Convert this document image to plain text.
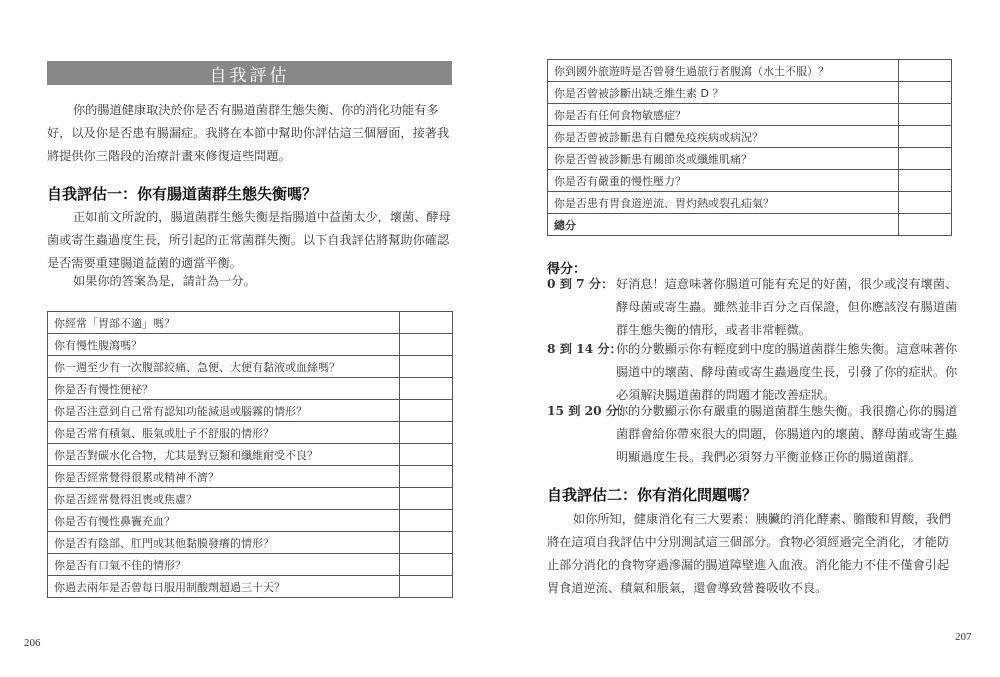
自我評估

你的腸道健康取決於你是否有腸道菌群生態失衡、你的消化功能有多好，以及你是否患有腸漏症。我將在本節中幫助你評估這三個層面，接著我將提供你三階段的治療計畫來修復這些問題。

自我評估一：你有腸道菌群生態失衡嗎？

正如前文所說的，腸道菌群生態失衡是指腸道中益菌太少，壞菌、酵母菌或寄生蟲過度生長，所引起的正常菌群失衡。以下自我評估將幫助你確認是否需要重建腸道益菌的適當平衡。

如果你的答案為是，請計為一分。

你經常「胃部不適」嗎？	
你有慢性腹瀉嗎？	
你一週至少有一次腹部絞痛、急便、大便有黏液或血絲嗎？	
你是否有慢性便祕？	
你是否注意到自己常有認知功能減退或腦霧的情形？	
你是否常有積氣、脹氣或肚子不舒服的情形？	
你是否對碳水化合物，尤其是對豆類和纖維耐受不良？	
你是否經常覺得很累或精神不濟？	
你是否經常覺得沮喪或焦慮？	
你是否有慢性鼻竇充血？	
你是否有陰部、肛門或其他黏膜發癢的情形？	
你是否有口氣不佳的情形？	
你過去兩年是否曾每日服用制酸劑超過三十天？	
206
你到國外旅遊時是否曾發生過旅行者腹瀉（水土不服）？	
你是否曾被診斷出缺乏維生素 D ？	
你是否有任何食物敏感症？	
你是否曾被診斷患有自體免疫疾病或病況？	
你是否曾被診斷患有關節炎或纖維肌痛？	
你是否有嚴重的慢性壓力？	
你是否患有胃食道逆流、胃灼熱或裂孔疝氣？	
總分	
207
得分：
0 到 7 分： 好消息！這意味著你腸道可能有充足的好菌，很少或沒有壞菌、酵母菌或寄生蟲。雖然並非百分之百保證，但你應該沒有腸道菌群生態失衡的情形，或者非常輕微。
8 到 14 分：
你的分數顯示你有輕度到中度的腸道菌群生態失衡。這意味著你腸道中的壞菌、酵母菌或寄生蟲過度生長，引發了你的症狀。你必須解決腸道菌群的問題才能改善症狀。
15 到 20 分：
你的分數顯示你有嚴重的腸道菌群生態失衡。我很擔心你的腸道菌群會給你帶來很大的問題，你腸道內的壞菌、酵母菌或寄生蟲明顯過度生長。我們必須努力平衡並修正你的腸道菌群。
自我評估二：你有消化問題嗎？

如你所知，健康消化有三大要素：胰臟的消化酵素、膽酸和胃酸，我們將在這項自我評估中分別測試這三個部分。食物必須經過完全消化，才能防止部分消化的食物穿過滲漏的腸道障壁進入血液。消化能力不佳不僅會引起胃食道逆流、積氣和脹氣，還會導致營養吸收不良。
